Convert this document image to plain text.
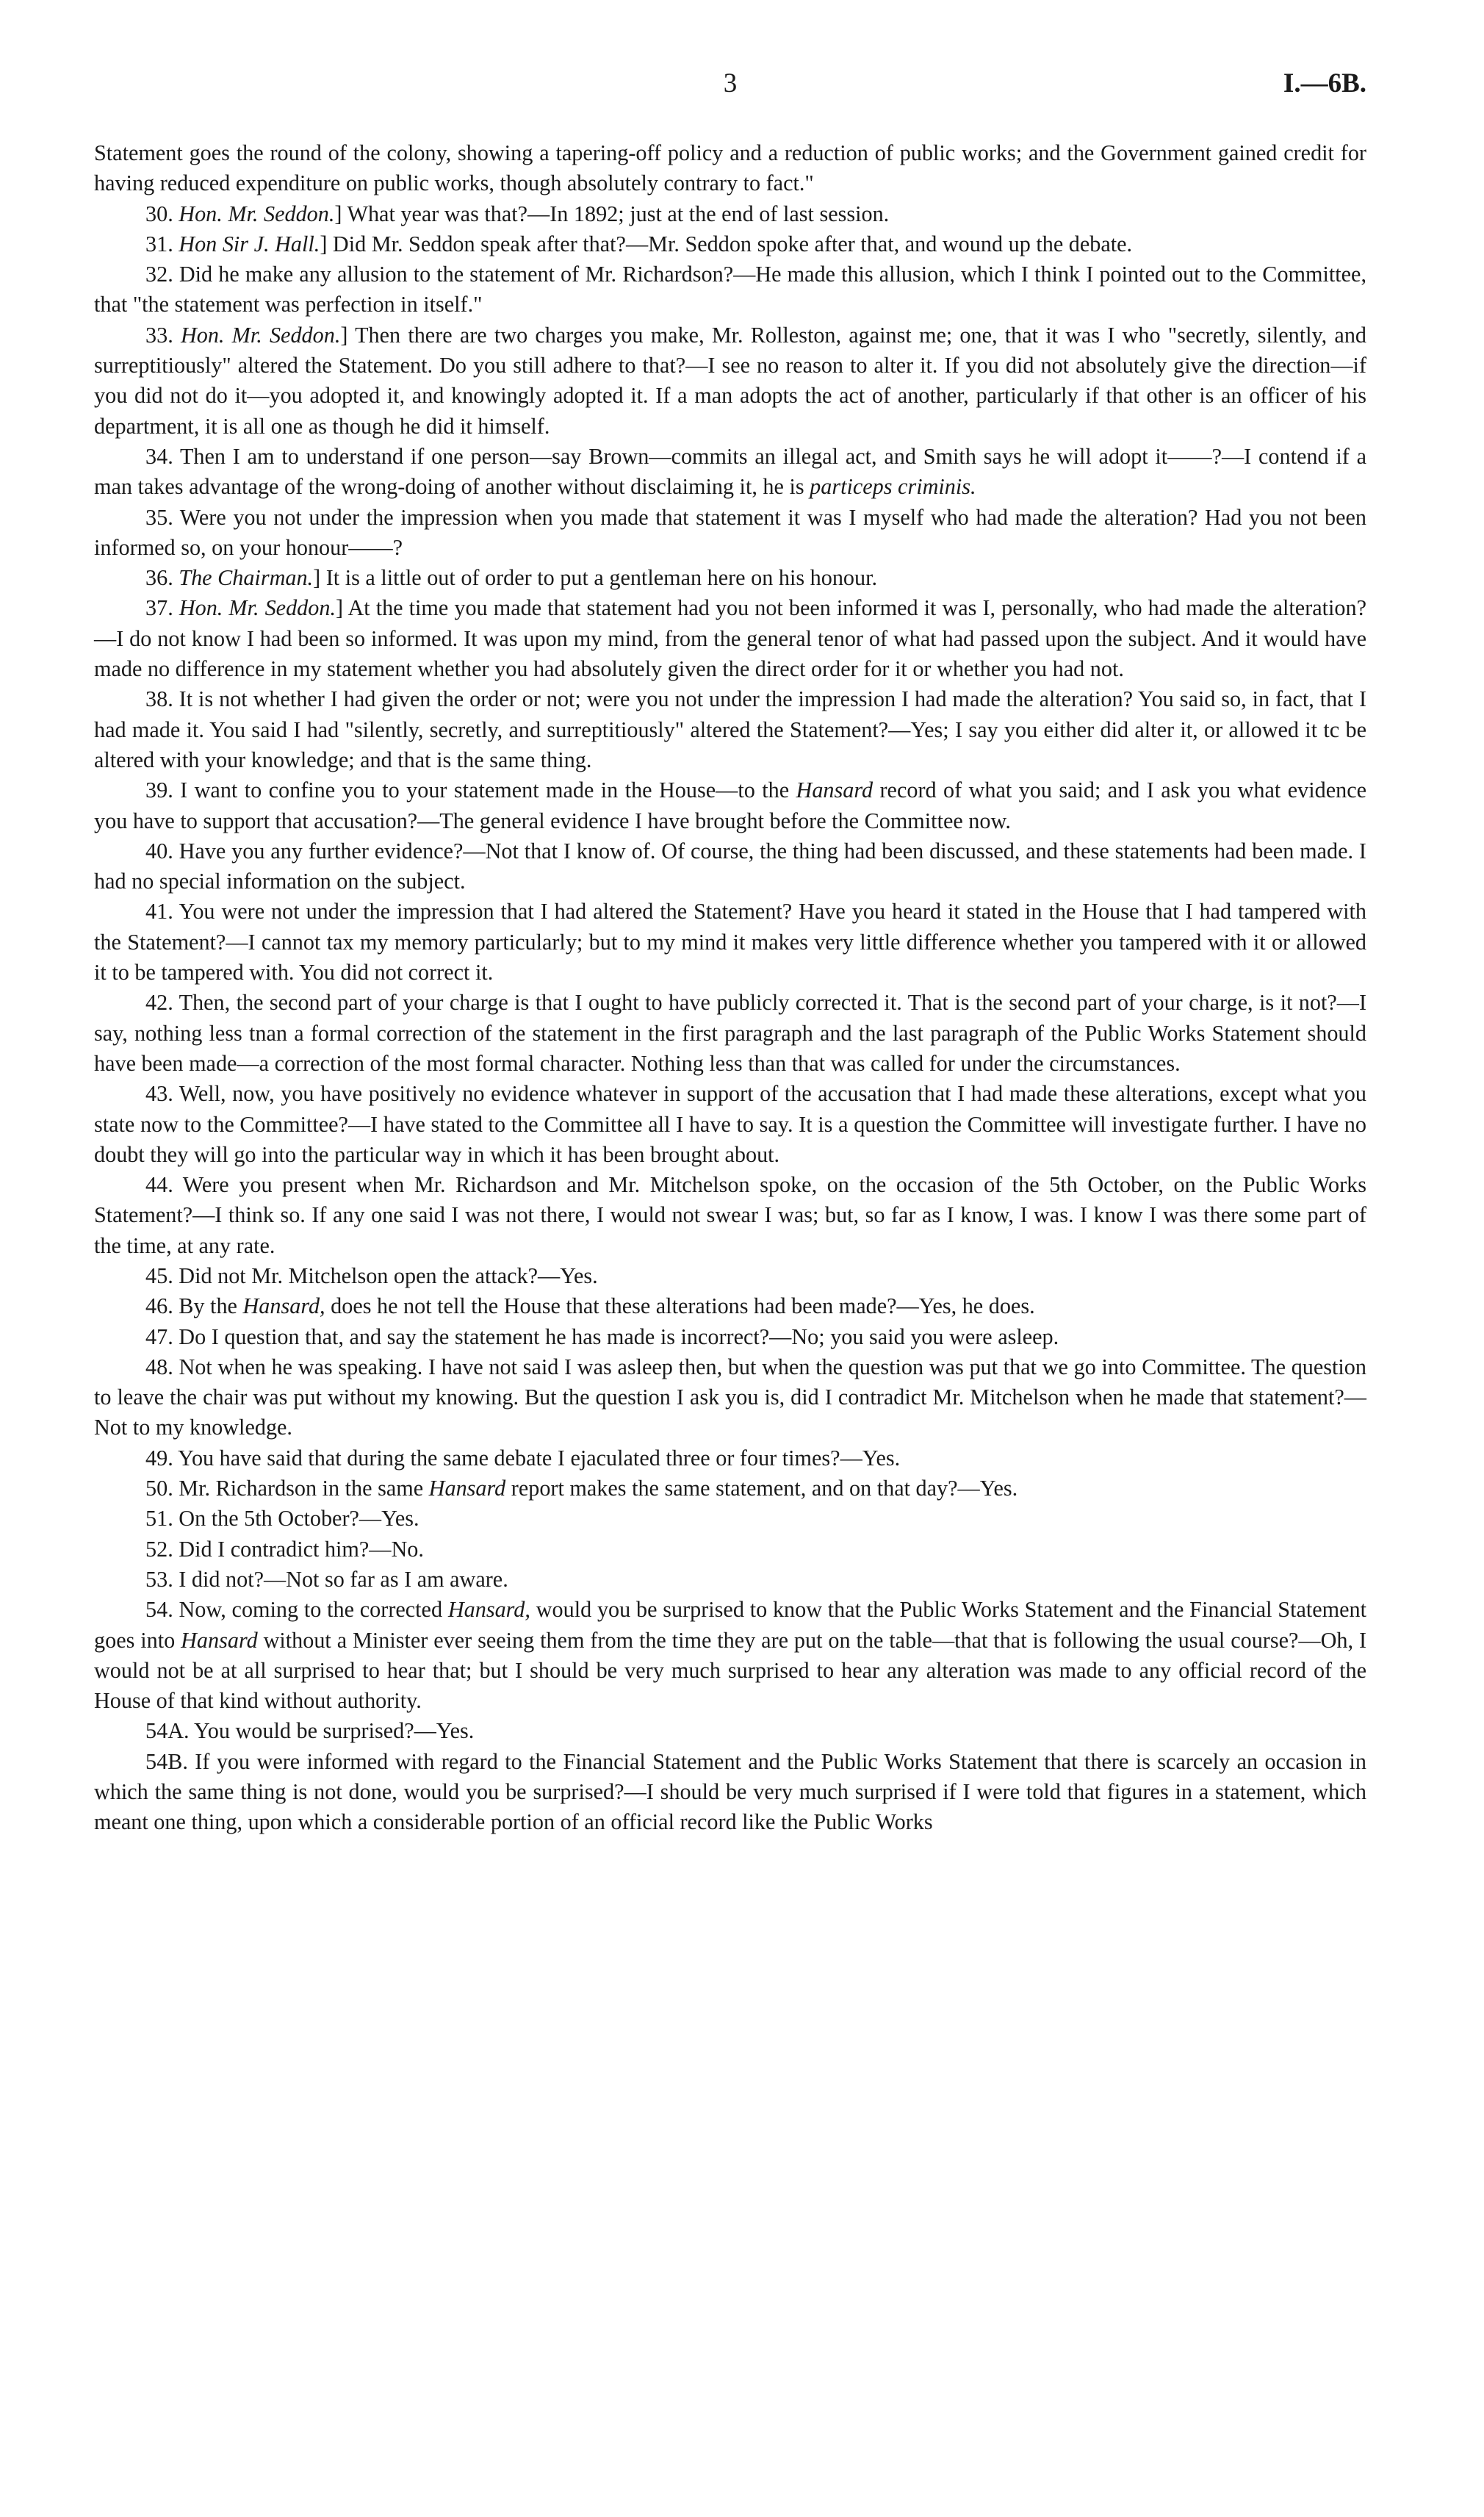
3	I.—6B.

Statement goes the round of the colony, showing a tapering-off policy and a reduction of public works; and the Government gained credit for having reduced expenditure on public works, though absolutely contrary to fact."

30. Hon. Mr. Seddon.] What year was that?—In 1892; just at the end of last session.

31. Hon Sir J. Hall.] Did Mr. Seddon speak after that?—Mr. Seddon spoke after that, and wound up the debate.

32. Did he make any allusion to the statement of Mr. Richardson?—He made this allusion, which I think I pointed out to the Committee, that "the statement was perfection in itself."

33. Hon. Mr. Seddon.] Then there are two charges you make, Mr. Rolleston, against me; one, that it was I who "secretly, silently, and surreptitiously" altered the Statement. Do you still adhere to that?—I see no reason to alter it. If you did not absolutely give the direction—if you did not do it—you adopted it, and knowingly adopted it. If a man adopts the act of another, particularly if that other is an officer of his department, it is all one as though he did it himself.

34. Then I am to understand if one person—say Brown—commits an illegal act, and Smith says he will adopt it——?—I contend if a man takes advantage of the wrong-doing of another without disclaiming it, he is particeps criminis.

35. Were you not under the impression when you made that statement it was I myself who had made the alteration? Had you not been informed so, on your honour——?

36. The Chairman.] It is a little out of order to put a gentleman here on his honour.

37. Hon. Mr. Seddon.] At the time you made that statement had you not been informed it was I, personally, who had made the alteration?—I do not know I had been so informed. It was upon my mind, from the general tenor of what had passed upon the subject. And it would have made no difference in my statement whether you had absolutely given the direct order for it or whether you had not.

38. It is not whether I had given the order or not; were you not under the impression I had made the alteration? You said so, in fact, that I had made it. You said I had "silently, secretly, and surreptitiously" altered the Statement?—Yes; I say you either did alter it, or allowed it tc be altered with your knowledge; and that is the same thing.

39. I want to confine you to your statement made in the House—to the Hansard record of what you said; and I ask you what evidence you have to support that accusation?—The general evidence I have brought before the Committee now.

40. Have you any further evidence?—Not that I know of. Of course, the thing had been discussed, and these statements had been made. I had no special information on the subject.

41. You were not under the impression that I had altered the Statement? Have you heard it stated in the House that I had tampered with the Statement?—I cannot tax my memory particularly; but to my mind it makes very little difference whether you tampered with it or allowed it to be tampered with. You did not correct it.

42. Then, the second part of your charge is that I ought to have publicly corrected it. That is the second part of your charge, is it not?—I say, nothing less tnan a formal correction of the statement in the first paragraph and the last paragraph of the Public Works Statement should have been made—a correction of the most formal character. Nothing less than that was called for under the circumstances.

43. Well, now, you have positively no evidence whatever in support of the accusation that I had made these alterations, except what you state now to the Committee?—I have stated to the Committee all I have to say. It is a question the Committee will investigate further. I have no doubt they will go into the particular way in which it has been brought about.

44. Were you present when Mr. Richardson and Mr. Mitchelson spoke, on the occasion of the 5th October, on the Public Works Statement?—I think so. If any one said I was not there, I would not swear I was; but, so far as I know, I was. I know I was there some part of the time, at any rate.

45. Did not Mr. Mitchelson open the attack?—Yes.

46. By the Hansard, does he not tell the House that these alterations had been made?—Yes, he does.

47. Do I question that, and say the statement he has made is incorrect?—No; you said you were asleep.

48. Not when he was speaking. I have not said I was asleep then, but when the question was put that we go into Committee. The question to leave the chair was put without my knowing. But the question I ask you is, did I contradict Mr. Mitchelson when he made that statement?—Not to my knowledge.

49. You have said that during the same debate I ejaculated three or four times?—Yes.

50. Mr. Richardson in the same Hansard report makes the same statement, and on that day?—Yes.

51. On the 5th October?—Yes.

52. Did I contradict him?—No.

53. I did not?—Not so far as I am aware.

54. Now, coming to the corrected Hansard, would you be surprised to know that the Public Works Statement and the Financial Statement goes into Hansard without a Minister ever seeing them from the time they are put on the table—that that is following the usual course?—Oh, I would not be at all surprised to hear that; but I should be very much surprised to hear any alteration was made to any official record of the House of that kind without authority.

54A. You would be surprised?—Yes.

54B. If you were informed with regard to the Financial Statement and the Public Works Statement that there is scarcely an occasion in which the same thing is not done, would you be surprised?—I should be very much surprised if I were told that figures in a statement, which meant one thing, upon which a considerable portion of an official record like the Public Works
